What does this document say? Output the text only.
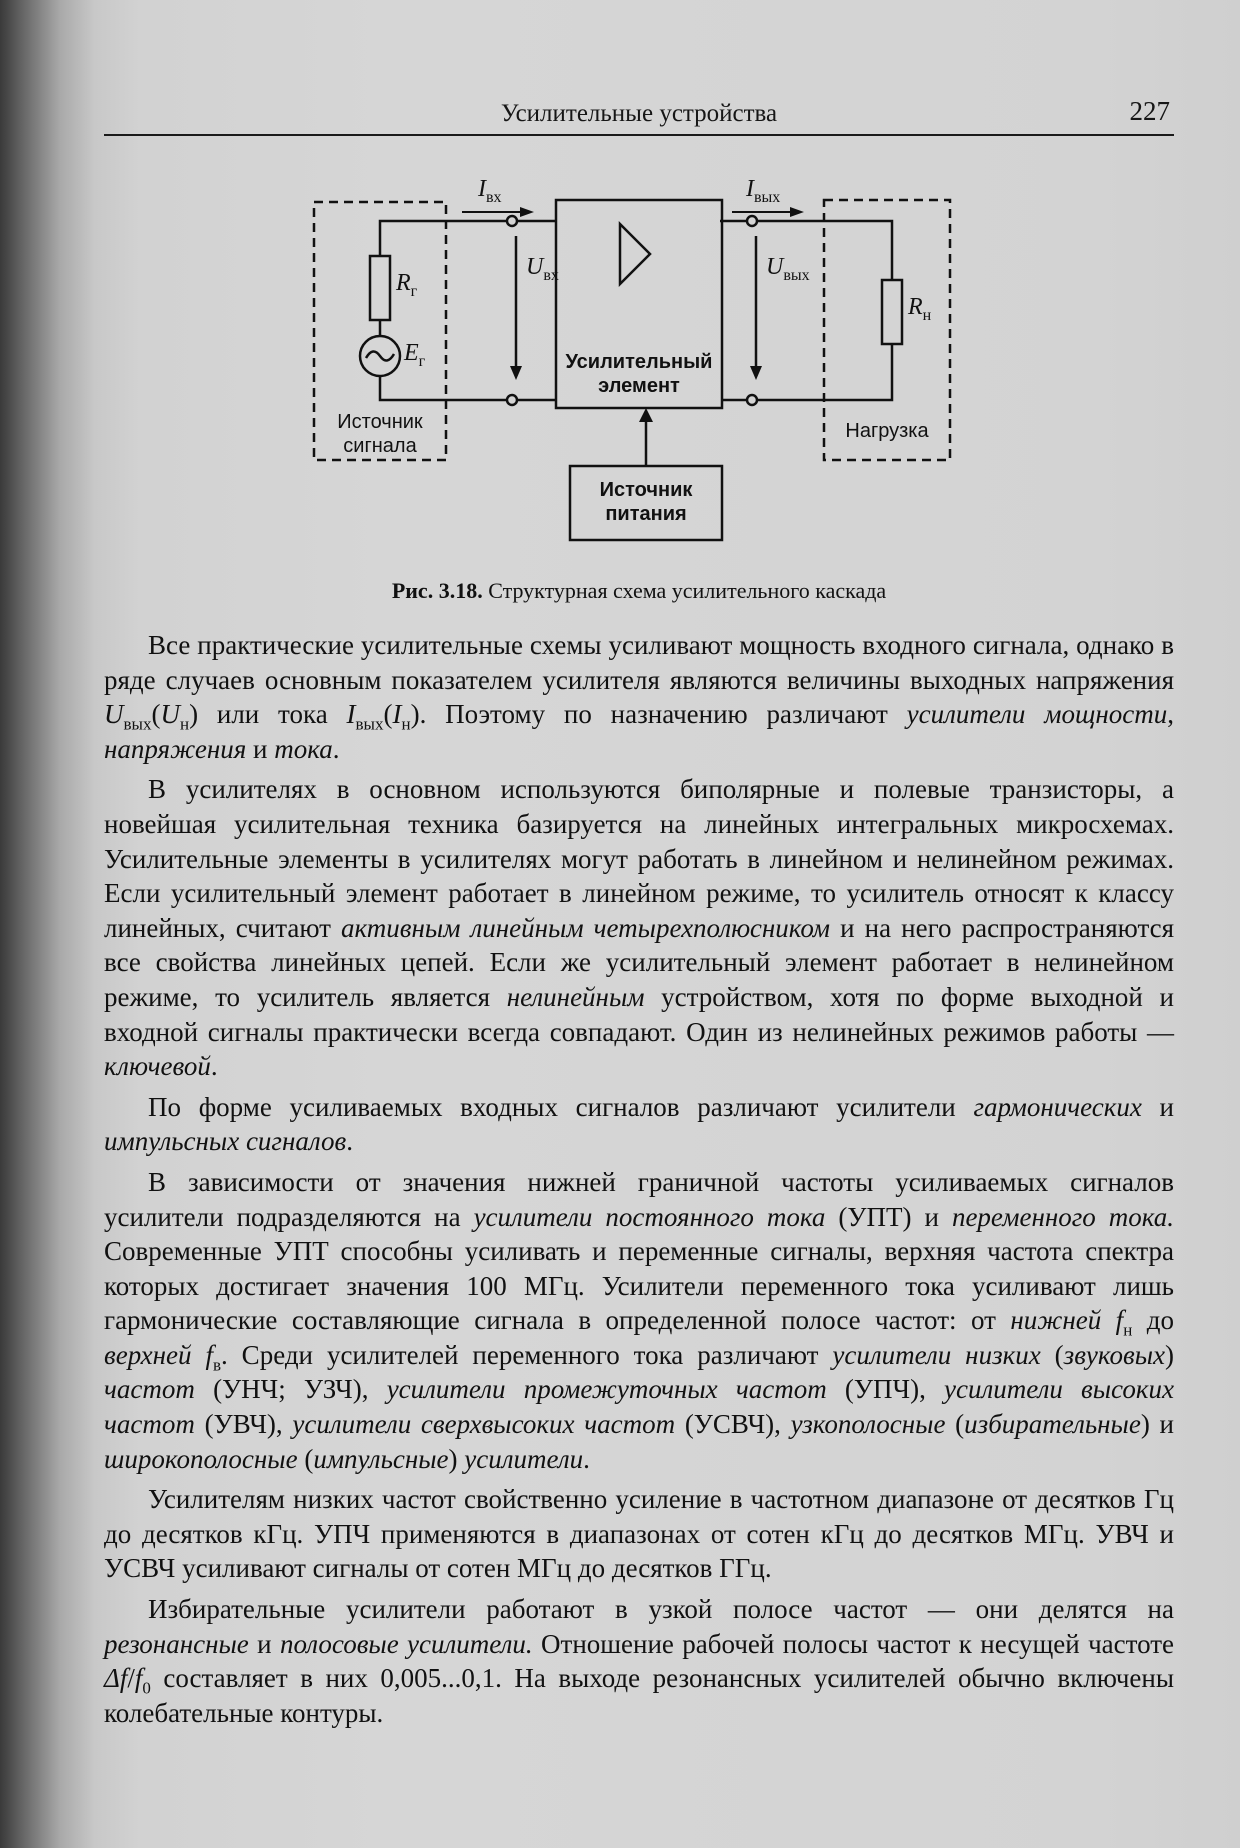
Усилительные устройства	227
$I_{вх}$	$I_{вых}$
$U_{вх}$	$U_{вых}$
$R_г$
$E_г$
$R_н$
Усилительный
элемент
Источник
сигнала
Нагрузка
Источник
питания
Рис. 3.18. Структурная схема усилительного каскада

Все практические усилительные схемы усиливают мощность входного сигнала, однако в ряде случаев основным показателем усилителя являются величины выходных напряжения $U_{вых}(U_н)$ или тока $I_{вых}(I_н)$. Поэтому по назначению различают усилители мощности, напряжения и тока.

В усилителях в основном используются биполярные и полевые транзисторы, а новейшая усилительная техника базируется на линейных интегральных микросхемах. Усилительные элементы в усилителях могут работать в линейном и нелинейном режимах. Если усилительный элемент работает в линейном режиме, то усилитель относят к классу линейных, считают активным линейным четырехполюсником и на него распространяются все свойства линейных цепей. Если же усилительный элемент работает в нелинейном режиме, то усилитель является нелинейным устройством, хотя по форме выходной и входной сигналы практически всегда совпадают. Один из нелинейных режимов работы — ключевой.

По форме усиливаемых входных сигналов различают усилители гармонических и импульсных сигналов.

В зависимости от значения нижней граничной частоты усиливаемых сигналов усилители подразделяются на усилители постоянного тока (УПТ) и переменного тока. Современные УПТ способны усиливать и переменные сигналы, верхняя частота спектра которых достигает значения 100 МГц. Усилители переменного тока усиливают лишь гармонические составляющие сигнала в определенной полосе частот: от нижней $f_н$ до верхней $f_в$. Среди усилителей переменного тока различают усилители низких (звуковых) частот (УНЧ; УЗЧ), усилители промежуточных частот (УПЧ), усилители высоких частот (УВЧ), усилители сверхвысоких частот (УСВЧ), узкополосные (избирательные) и широкополосные (импульсные) усилители.

Усилителям низких частот свойственно усиление в частотном диапазоне от десятков Гц до десятков кГц. УПЧ применяются в диапазонах от сотен кГц до десятков МГц. УВЧ и УСВЧ усиливают сигналы от сотен МГц до десятков ГГц.

Избирательные усилители работают в узкой полосе частот — они делятся на резонансные и полосовые усилители. Отношение рабочей полосы частот к несущей частоте $\Delta f/f_0$ составляет в них 0,005...0,1. На выходе резонансных усилителей обычно включены колебательные контуры.
